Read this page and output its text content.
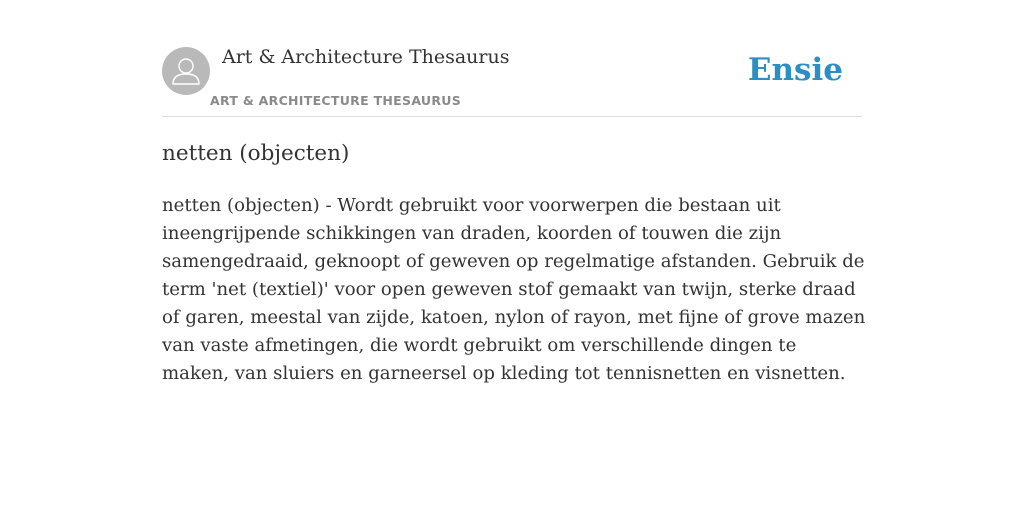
Art & Architecture Thesaurus
ART & ARCHITECTURE THESAURUS
Ensie
netten (objecten)

netten (objecten) - Wordt gebruikt voor voorwerpen die bestaan uit ineengrijpende schikkingen van draden, koorden of touwen die zijn samengedraaid, geknoopt of geweven op regelmatige afstanden. Gebruik de term 'net (textiel)' voor open geweven stof gemaakt van twijn, sterke draad of garen, meestal van zijde, katoen, nylon of rayon, met fijne of grove mazen van vaste afmetingen, die wordt gebruikt om verschillende dingen te maken, van sluiers en garneersel op kleding tot tennisnetten en visnetten.
